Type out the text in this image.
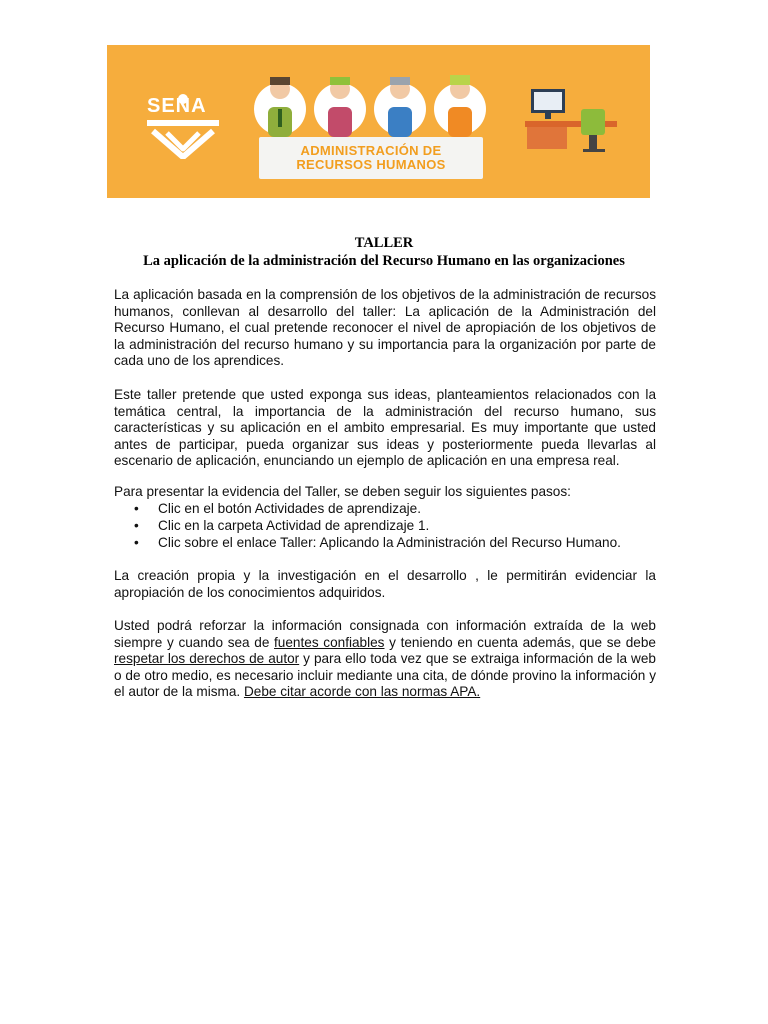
SENA
ADMINISTRACIÓN DE
RECURSOS HUMANOS
TALLER
La aplicación de la administración del Recurso Humano en las organizaciones

La aplicación basada en la comprensión de los objetivos de la administración de recursos humanos, conllevan al desarrollo del taller: La aplicación de la Administración del Recurso Humano, el cual pretende reconocer el nivel de apropiación de los objetivos de la administración del recurso humano y su importancia para la organización por parte de cada uno de los aprendices.

Este taller pretende que usted exponga sus ideas, planteamientos relacionados con la temática central, la importancia de la administración del recurso humano, sus características y su aplicación en el ambito empresarial. Es muy importante que usted antes de participar, pueda organizar sus ideas y posteriormente pueda llevarlas al escenario de aplicación, enunciando un ejemplo de aplicación en una empresa real.

Para presentar la evidencia del Taller, se deben seguir los siguientes pasos:

• Clic en el botón Actividades de aprendizaje.
• Clic en la carpeta Actividad de aprendizaje 1.
• Clic sobre el enlace Taller: Aplicando la Administración del Recurso Humano.

La creación propia y la investigación en el desarrollo , le permitirán evidenciar la apropiación de los conocimientos adquiridos.

Usted podrá reforzar la información consignada con información extraída de la web siempre y cuando sea de fuentes confiables y teniendo en cuenta además, que se debe respetar los derechos de autor y para ello toda vez que se extraiga información de la web o de otro medio, es necesario incluir mediante una cita, de dónde provino la información y el autor de la misma. Debe citar acorde con las normas APA.
